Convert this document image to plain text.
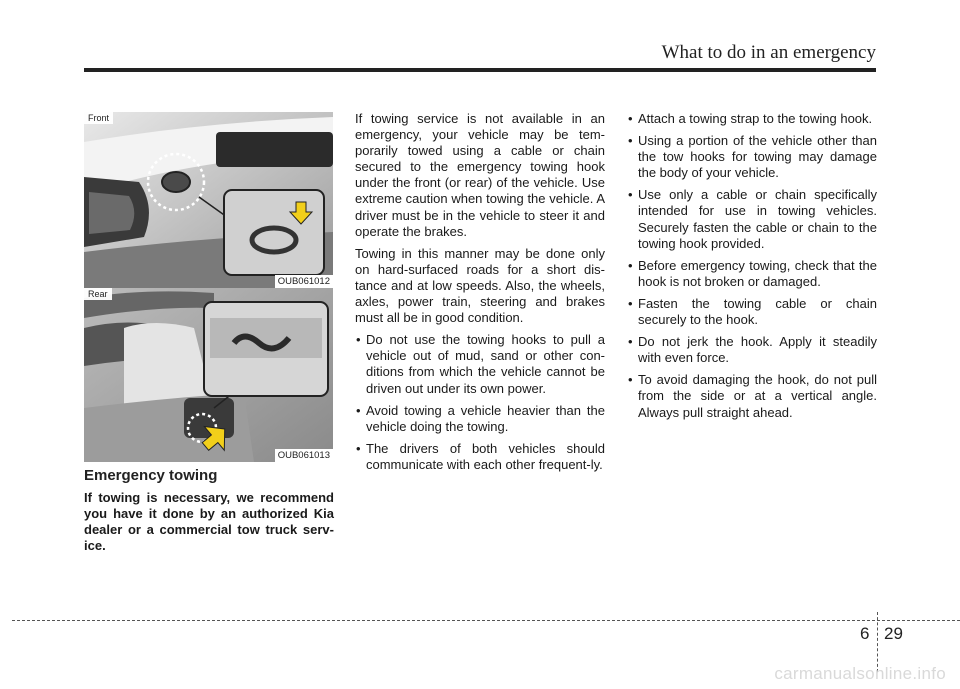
What to do in an emergency
Front
OUB061012
Rear
OUB061013
Emergency towing

If towing is necessary, we recommend you have it done by an authorized Kia dealer or a commercial tow truck serv-ice.

If towing service is not available in an emergency, your vehicle may be tem-porarily towed using a cable or chain secured to the emergency towing hook under the front (or rear) of the vehicle. Use extreme caution when towing the vehicle. A driver must be in the vehicle to steer it and operate the brakes.

Towing in this manner may be done only on hard-surfaced roads for a short dis-tance and at low speeds. Also, the wheels, axles, power train, steering and brakes must all be in good condition.

• Do not use the towing hooks to pull a vehicle out of mud, sand or other con-ditions from which the vehicle cannot be driven out under its own power.
• Avoid towing a vehicle heavier than the vehicle doing the towing.
• The drivers of both vehicles should communicate with each other frequent-ly.
• Attach a towing strap to the towing hook.
• Using a portion of the vehicle other than the tow hooks for towing may damage the body of your vehicle.
• Use only a cable or chain specifically intended for use in towing vehicles. Securely fasten the cable or chain to the towing hook provided.
• Before emergency towing, check that the hook is not broken or damaged.
• Fasten the towing cable or chain securely to the hook.
• Do not jerk the hook. Apply it steadily with even force.
• To avoid damaging the hook, do not pull from the side or at a vertical angle. Always pull straight ahead.
6 29
carmanualsonline.info
